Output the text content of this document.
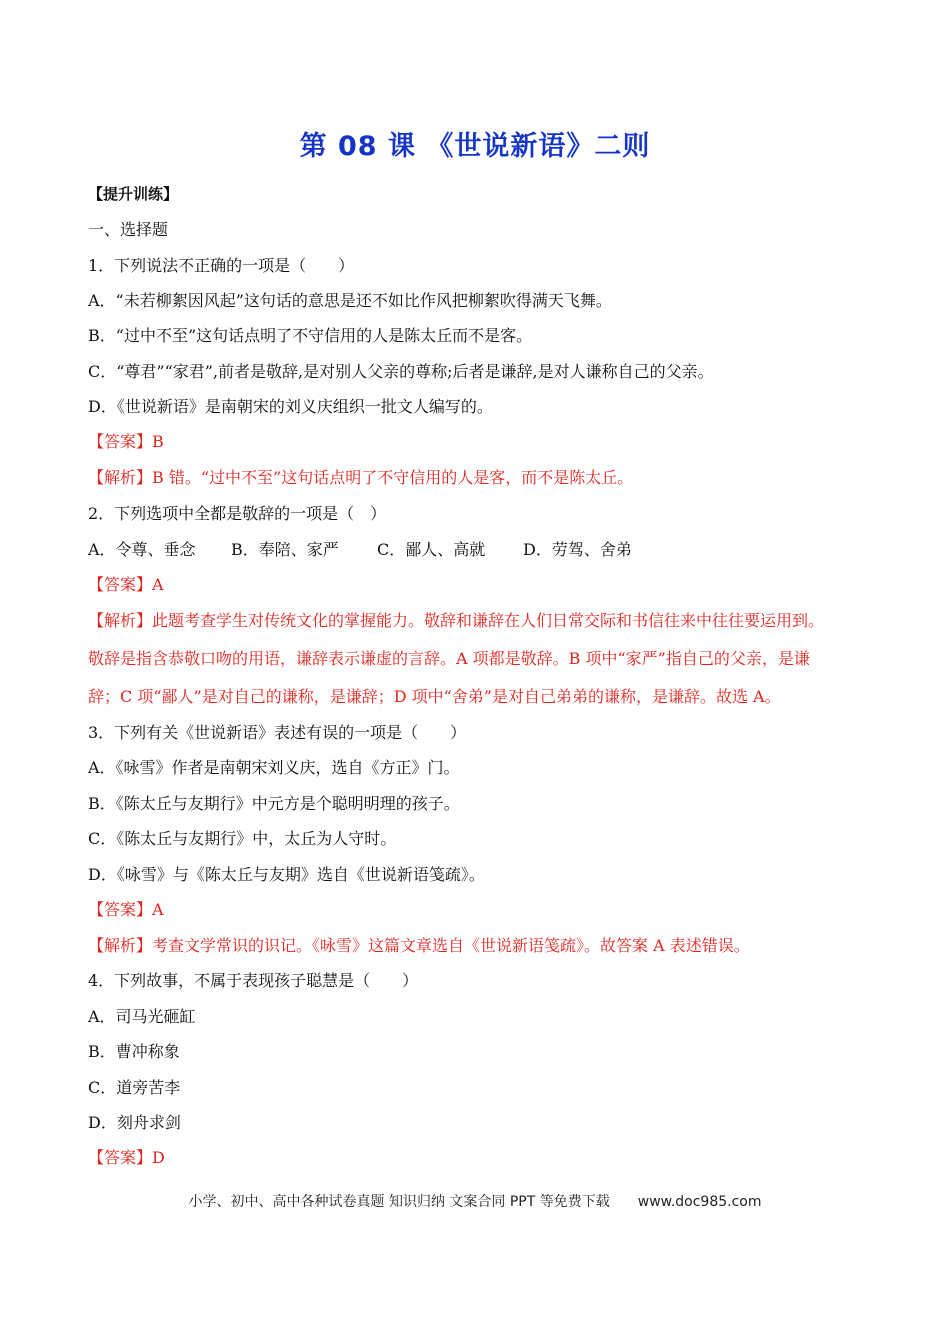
第 08 课 《世说新语》二则
【提升训练】
一、选择题
1．下列说法不正确的一项是（　　）
A．“未若柳絮因风起”这句话的意思是还不如比作风把柳絮吹得满天飞舞。
B．“过中不至”这句话点明了不守信用的人是陈太丘而不是客。
C．“尊君”“家君”,前者是敬辞,是对别人父亲的尊称;后者是谦辞,是对人谦称自己的父亲。
D．《世说新语》是南朝宋的刘义庆组织一批文人编写的。
【答案】B
【解析】B 错。“过中不至”这句话点明了不守信用的人是客，而不是陈太丘。
2．下列选项中全都是敬辞的一项是（　）
A．令尊、垂念 B．奉陪、家严 C．鄙人、高就 D．劳驾、舍弟
【答案】A
【解析】此题考查学生对传统文化的掌握能力。敬辞和谦辞在人们日常交际和书信往来中往往要运用到。
敬辞是指含恭敬口吻的用语，谦辞表示谦虚的言辞。A 项都是敬辞。B 项中“家严”指自己的父亲，是谦
辞；C 项“鄙人”是对自己的谦称，是谦辞；D 项中“舍弟”是对自己弟弟的谦称，是谦辞。故选 A。
3．下列有关《世说新语》表述有误的一项是（　　）
A．《咏雪》作者是南朝宋刘义庆，选自《方正》门。
B．《陈太丘与友期行》中元方是个聪明明理的孩子。
C．《陈太丘与友期行》中，太丘为人守时。
D．《咏雪》与《陈太丘与友期》选自《世说新语笺疏》。
【答案】A
【解析】考查文学常识的识记。《咏雪》这篇文章选自《世说新语笺疏》。故答案 A 表述错误。
4．下列故事，不属于表现孩子聪慧是（　　）
A．司马光砸缸
B．曹冲称象
C．道旁苦李
D．刻舟求剑
【答案】D
小学、初中、高中各种试卷真题 知识归纳 文案合同 PPT 等免费下载 www.doc985.com
